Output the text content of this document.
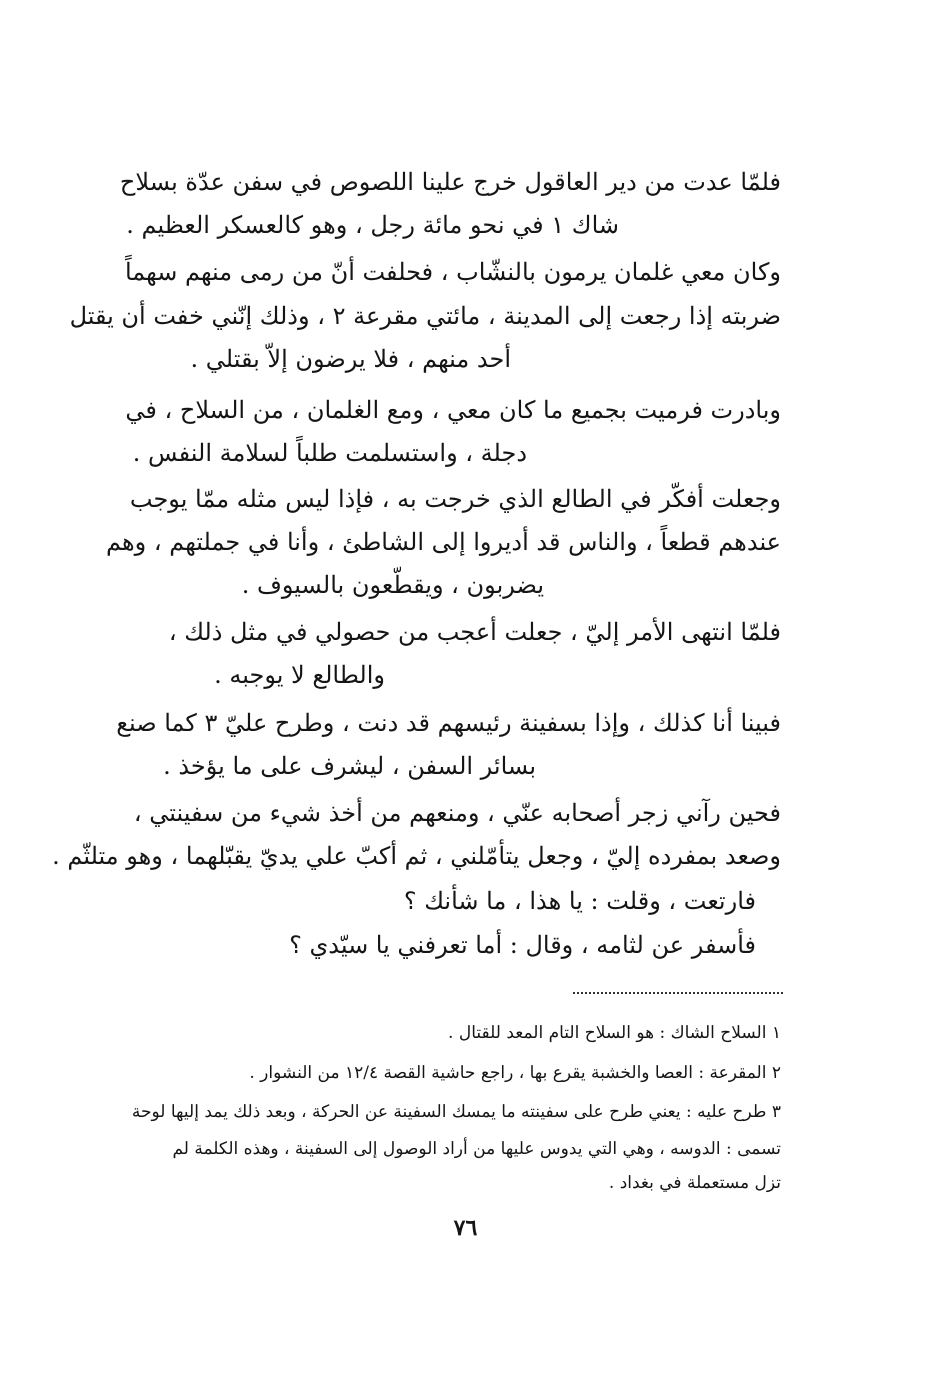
فلمّا عدت من دير العاقول خرج علينا اللصوص في سفن عدّة بسلاح
شاك ١ في نحو مائة رجل ، وهو كالعسكر العظيم .
وكان معي غلمان يرمون بالنشّاب ، فحلفت أنّ من رمى منهم سهماً
ضربته إذا رجعت إلى المدينة ، مائتي مقرعة ٢ ، وذلك إنّني خفت أن يقتل
أحد منهم ، فلا يرضون إلاّ بقتلي .
وبادرت فرميت بجميع ما كان معي ، ومع الغلمان ، من السلاح ، في
دجلة ، واستسلمت طلباً لسلامة النفس .
وجعلت أفكّر في الطالع الذي خرجت به ، فإذا ليس مثله ممّا يوجب
عندهم قطعاً ، والناس قد أديروا إلى الشاطئ ، وأنا في جملتهم ، وهم
يضربون ، ويقطّعون بالسيوف .
فلمّا انتهى الأمر إليّ ، جعلت أعجب من حصولي في مثل ذلك ،
والطالع لا يوجبه .
فبينا أنا كذلك ، وإذا بسفينة رئيسهم قد دنت ، وطرح عليّ ٣ كما صنع
بسائر السفن ، ليشرف على ما يؤخذ .
فحين رآني زجر أصحابه عنّي ، ومنعهم من أخذ شيء من سفينتي ،
وصعد بمفرده إليّ ، وجعل يتأمّلني ، ثم أكبّ علي يديّ يقبّلهما ، وهو متلثّم .
فارتعت ، وقلت : يا هذا ، ما شأنك ؟
فأسفر عن لثامه ، وقال : أما تعرفني يا سيّدي ؟
١ السلاح الشاك : هو السلاح التام المعد للقتال .
٢ المقرعة : العصا والخشبة يقرع بها ، راجع حاشية القصة ١٢/٤ من النشوار .
٣ طرح عليه : يعني طرح على سفينته ما يمسك السفينة عن الحركة ، وبعد ذلك يمد إليها لوحة
تسمى : الدوسه ، وهي التي يدوس عليها من أراد الوصول إلى السفينة ، وهذه الكلمة لم
تزل مستعملة في بغداد .
٧٦
